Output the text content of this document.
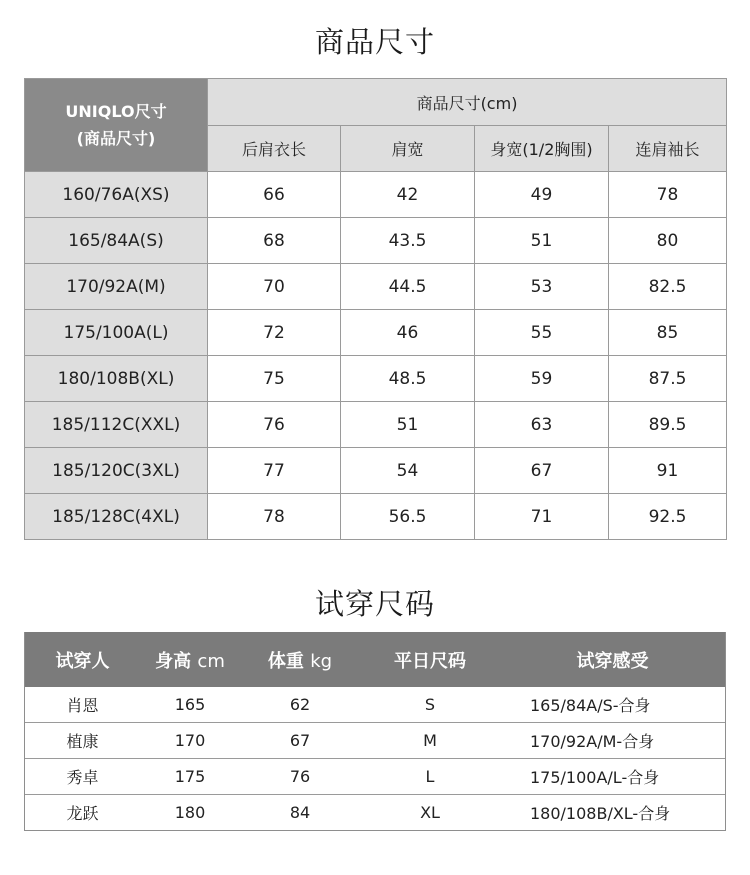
商品尺寸
UNIQLO尺寸
(商品尺寸)	商品尺寸(cm)			
	后肩衣长	肩宽	身宽(1/2胸围)	连肩袖长
160/76A(XS)	66	42	49	78
165/84A(S)	68	43.5	51	80
170/92A(M)	70	44.5	53	82.5
175/100A(L)	72	46	55	85
180/108B(XL)	75	48.5	59	87.5
185/112C(XXL)	76	51	63	89.5
185/120C(3XL)	77	54	67	91
185/128C(4XL)	78	56.5	71	92.5
试穿尺码
试穿人	身高 cm	体重 kg	平日尺码	试穿感受
肖恩	165	62	S	165/84A/S-合身
植康	170	67	M	170/92A/M-合身
秀卓	175	76	L	175/100A/L-合身
龙跃	180	84	XL	180/108B/XL-合身
